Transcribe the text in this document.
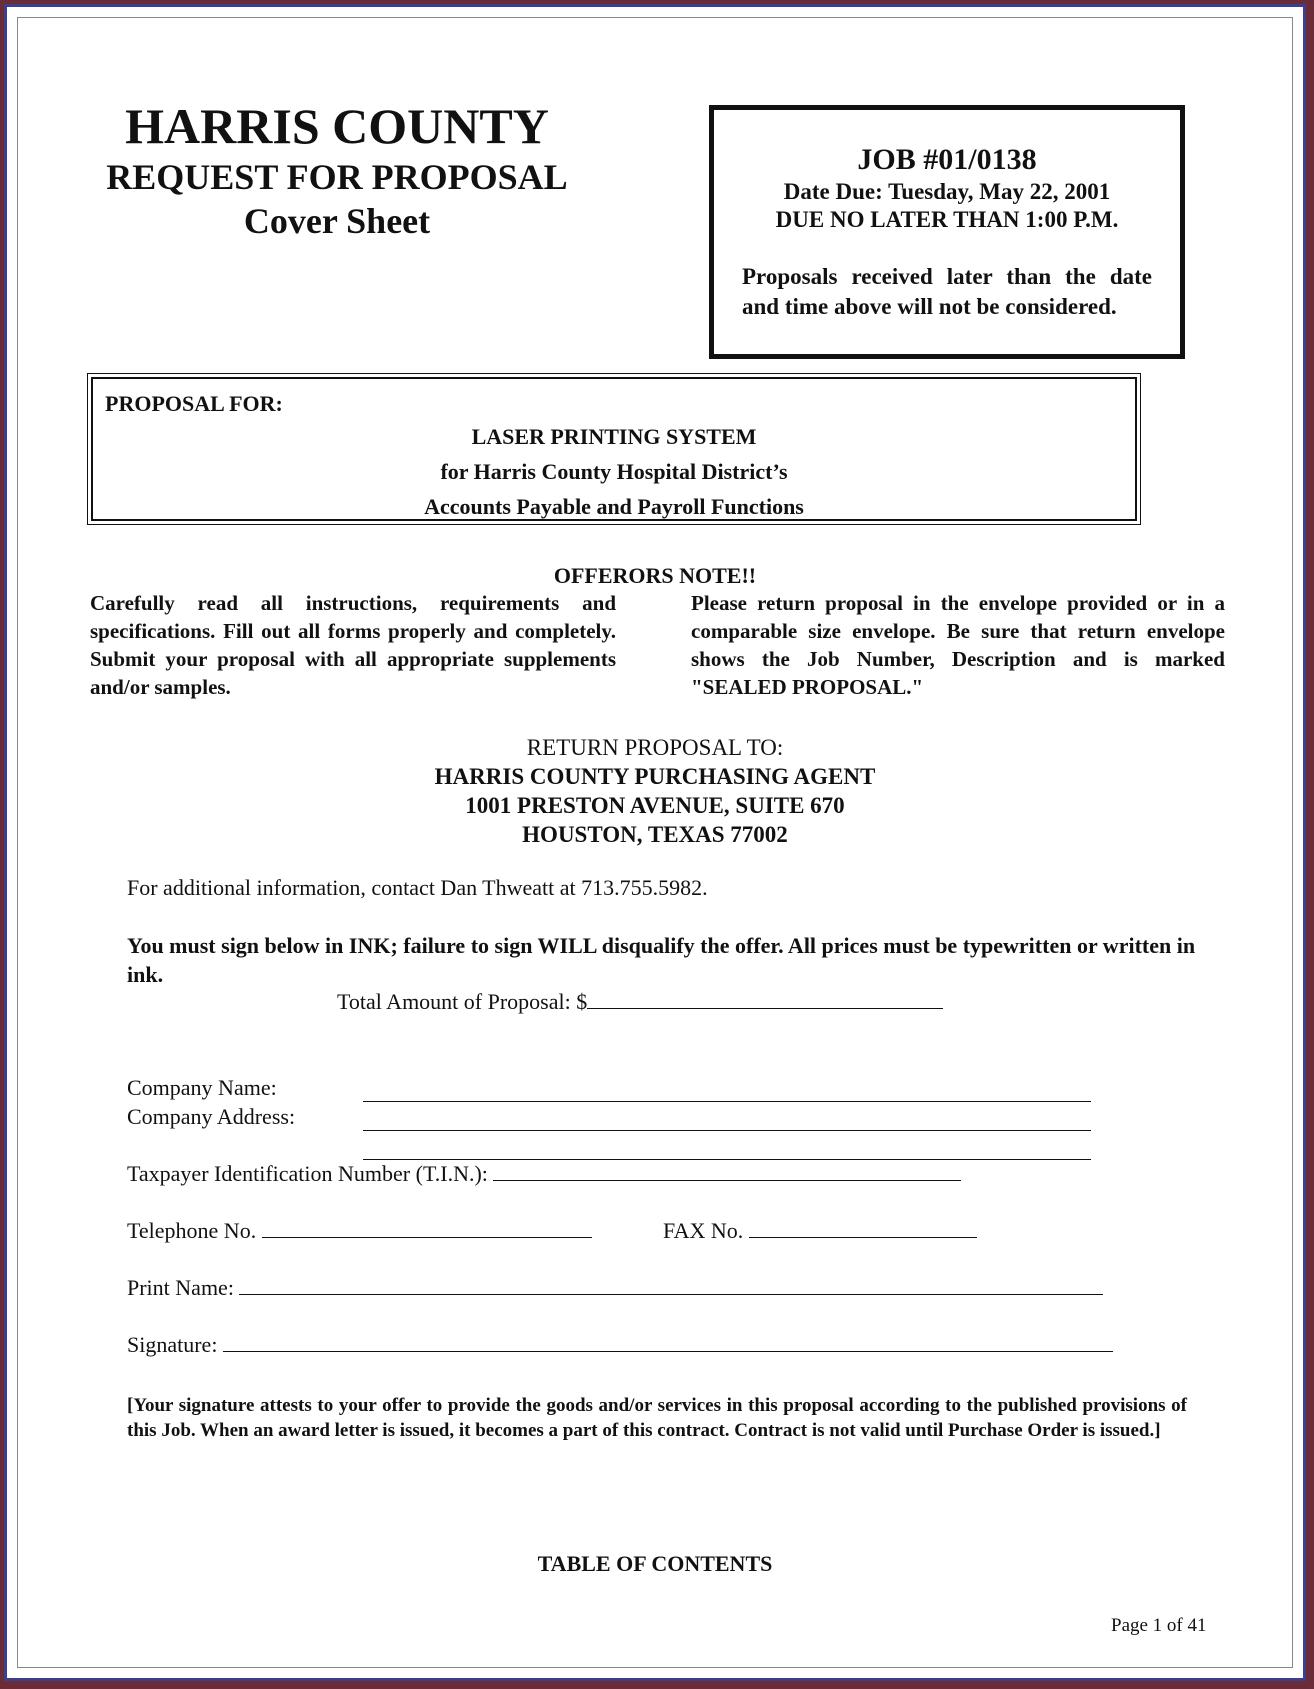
HARRIS COUNTY
REQUEST FOR PROPOSAL
Cover Sheet
JOB #01/0138
Date Due: Tuesday, May 22, 2001
DUE NO LATER THAN 1:00 P.M.
Proposals received later than the date and time above will not be considered.
PROPOSAL FOR:
LASER PRINTING SYSTEM
for Harris County Hospital District’s
Accounts Payable and Payroll Functions
OFFERORS NOTE!!
Carefully read all instructions, requirements and specifications. Fill out all forms properly and completely. Submit your proposal with all appropriate supplements and/or samples.
Please return proposal in the envelope provided or in a comparable size envelope. Be sure that return envelope shows the Job Number, Description and is marked "SEALED PROPOSAL."
RETURN PROPOSAL TO:
HARRIS COUNTY PURCHASING AGENT
1001 PRESTON AVENUE, SUITE 670
HOUSTON, TEXAS 77002
For additional information, contact Dan Thweatt at 713.755.5982.
You must sign below in INK; failure to sign WILL disqualify the offer. All prices must be typewritten or written in ink.
Total Amount of Proposal: $
Company Name:
Company Address:
Taxpayer Identification Number (T.I.N.):
Telephone No.	FAX No.
Print Name:
Signature:
[Your signature attests to your offer to provide the goods and/or services in this proposal according to the published provisions of this Job. When an award letter is issued, it becomes a part of this contract. Contract is not valid until Purchase Order is issued.]
TABLE OF CONTENTS
Page 1 of 41
